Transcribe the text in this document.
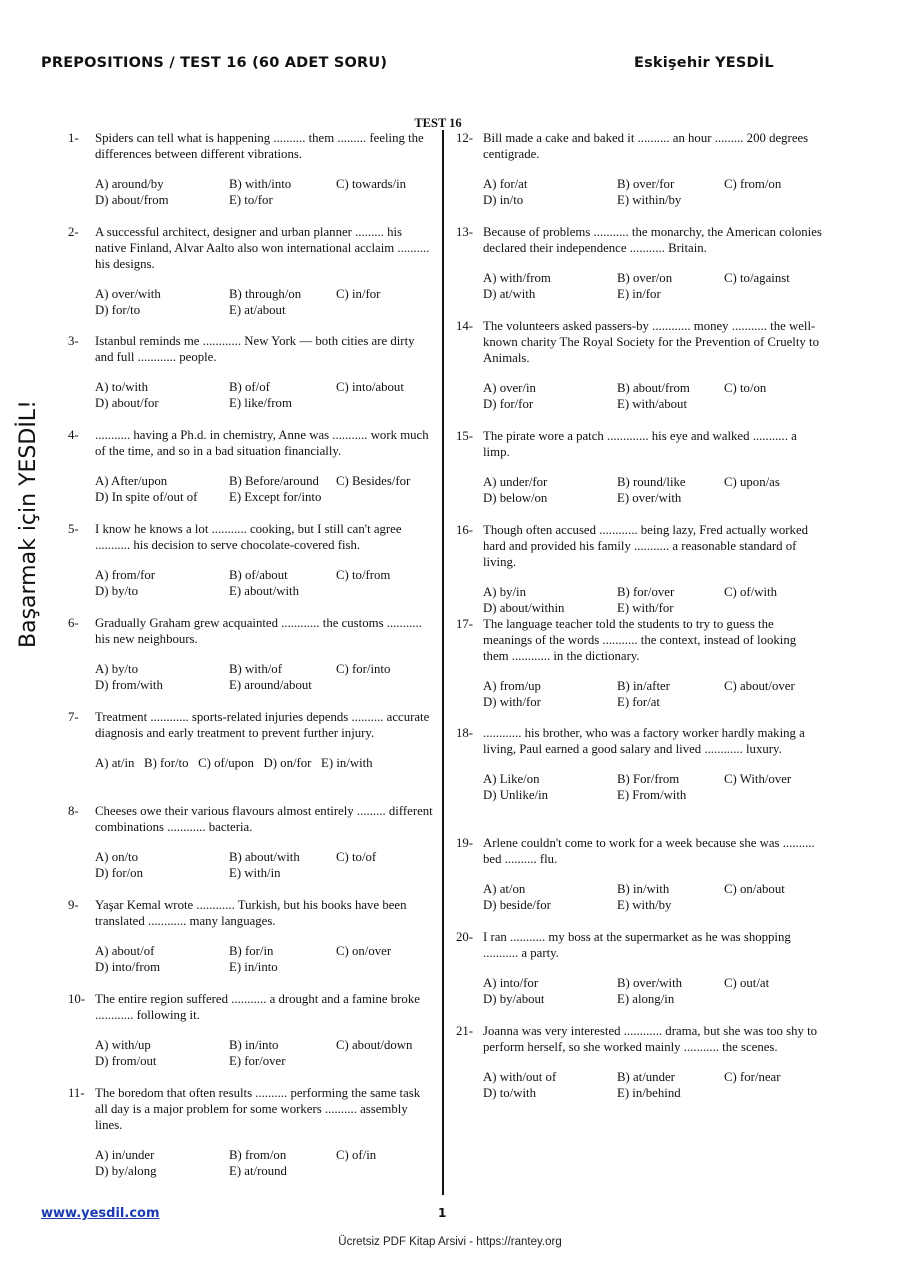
PREPOSITIONS / TEST 16 (60 ADET SORU)	Eskişehir YESDİL
TEST 16
Başarmak için YESDİL!
1- Spiders can tell what is happening .......... them ......... feeling the differences between different vibrations.
A) around/by	B) with/into	C) towards/in
D) about/from	E) to/for
2- A successful architect, designer and urban planner ......... his native Finland, Alvar Aalto also won international acclaim .......... his designs.
A) over/with	B) through/on	C) in/for
D) for/to	E) at/about
3- Istanbul reminds me ............ New York — both cities are dirty and full ............ people.
A) to/with	B) of/of	C) into/about
D) about/for	E) like/from
4- ........... having a Ph.d. in chemistry, Anne was ........... work much of the time, and so in a bad situation financially.
A) After/upon	B) Before/around	C) Besides/for
D) In spite of/out of	E) Except for/into
5- I know he knows a lot ........... cooking, but I still can't agree ........... his decision to serve chocolate-covered fish.
A) from/for	B) of/about	C) to/from
D) by/to	E) about/with
6- Gradually Graham grew acquainted ............ the customs ........... his new neighbours.
A) by/to	B) with/of	C) for/into
D) from/with	E) around/about
7- Treatment ............ sports-related injuries depends .......... accurate diagnosis and early treatment to prevent further injury.
A) at/in   B) for/to   C) of/upon   D) on/for   E) in/with
8- Cheeses owe their various flavours almost entirely ......... different combinations ............ bacteria.
A) on/to	B) about/with	C) to/of
D) for/on	E) with/in
9- Yaşar Kemal wrote ............ Turkish, but his books have been translated ............ many languages.
A) about/of	B) for/in	C) on/over
D) into/from	E) in/into
10- The entire region suffered ........... a drought and a famine broke ............ following it.
A) with/up	B) in/into	C) about/down
D) from/out	E) for/over
11- The boredom that often results .......... performing the same task all day is a major problem for some workers .......... assembly lines.
A) in/under	B) from/on	C) of/in
D) by/along	E) at/round
12- Bill made a cake and baked it .......... an hour ......... 200 degrees centigrade.
A) for/at	B) over/for	C) from/on
D) in/to	E) within/by
13- Because of problems ........... the monarchy, the American colonies declared their independence ........... Britain.
A) with/from	B) over/on	C) to/against
D) at/with	E) in/for
14- The volunteers asked passers-by ............ money ........... the well-known charity The Royal Society for the Prevention of Cruelty to Animals.
A) over/in	B) about/from	C) to/on
D) for/for	E) with/about
15- The pirate wore a patch ............. his eye and walked ........... a limp.
A) under/for	B) round/like	C) upon/as
D) below/on	E) over/with
16- Though often accused ............ being lazy, Fred actually worked hard and provided his family ........... a reasonable standard of living.
A) by/in	B) for/over	C) of/with
D) about/within	E) with/for
17- The language teacher told the students to try to guess the meanings of the words ........... the context, instead of looking them ............ in the dictionary.
A) from/up	B) in/after	C) about/over
D) with/for	E) for/at
18- ............ his brother, who was a factory worker hardly making a living, Paul earned a good salary and lived ............ luxury.
A) Like/on	B) For/from	C) With/over
D) Unlike/in	E) From/with
19- Arlene couldn't come to work for a week because she was .......... bed .......... flu.
A) at/on	B) in/with	C) on/about
D) beside/for	E) with/by
20- I ran ........... my boss at the supermarket as he was shopping ........... a party.
A) into/for	B) over/with	C) out/at
D) by/about	E) along/in
21- Joanna was very interested ............ drama, but she was too shy to perform herself, so she worked mainly ........... the scenes.
A) with/out of	B) at/under	C) for/near
D) to/with	E) in/behind
www.yesdil.com	1
Ücretsiz PDF Kitap Arsivi - https://rantey.org
